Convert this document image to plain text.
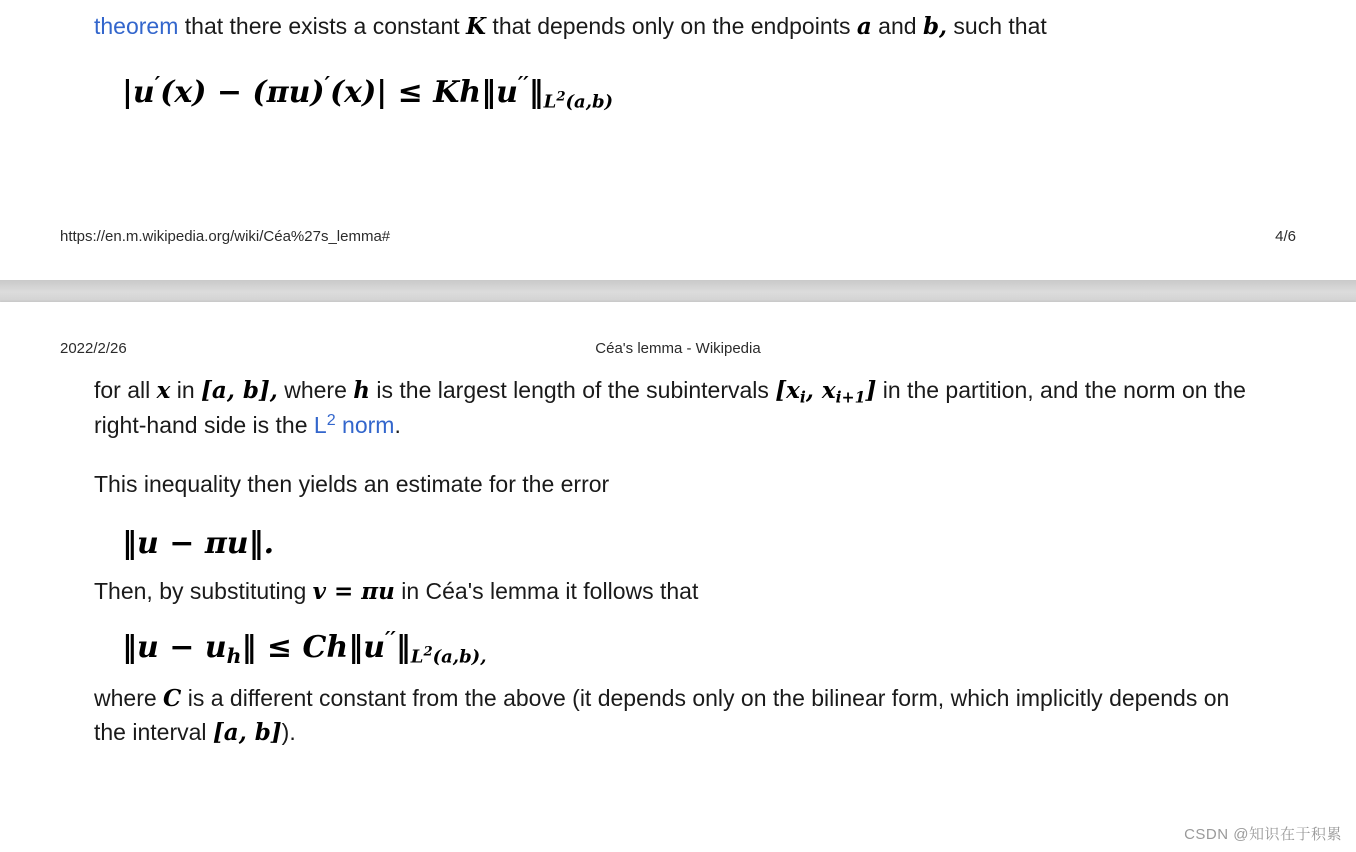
theorem that there exists a constant K that depends only on the endpoints a and b, such that
$|u'(x) - (\pi u)'(x)| \le Kh‖u''‖_L2_{(a,b)}$
https://en.m.wikipedia.org/wiki/Céa%27s_lemma#	4/6
2022/2/26	Céa's lemma - Wikipedia

for all x in [a, b], where h is the largest length of the subintervals [$x_i$, $x_{i+1}$] in the partition, and the norm on the right-hand side is the $L^2$ norm.

This inequality then yields an estimate for the error

‖u − πu‖.

Then, by substituting v = πu in Céa's lemma it follows that

‖u − $u_h‖$ ≤ $Ch‖u''‖_L2_{(a,b),}$

where C is a different constant from the above (it depends only on the bilinear form, which implicitly depends on the interval [a, b]).

CSDN @知识在于积累
